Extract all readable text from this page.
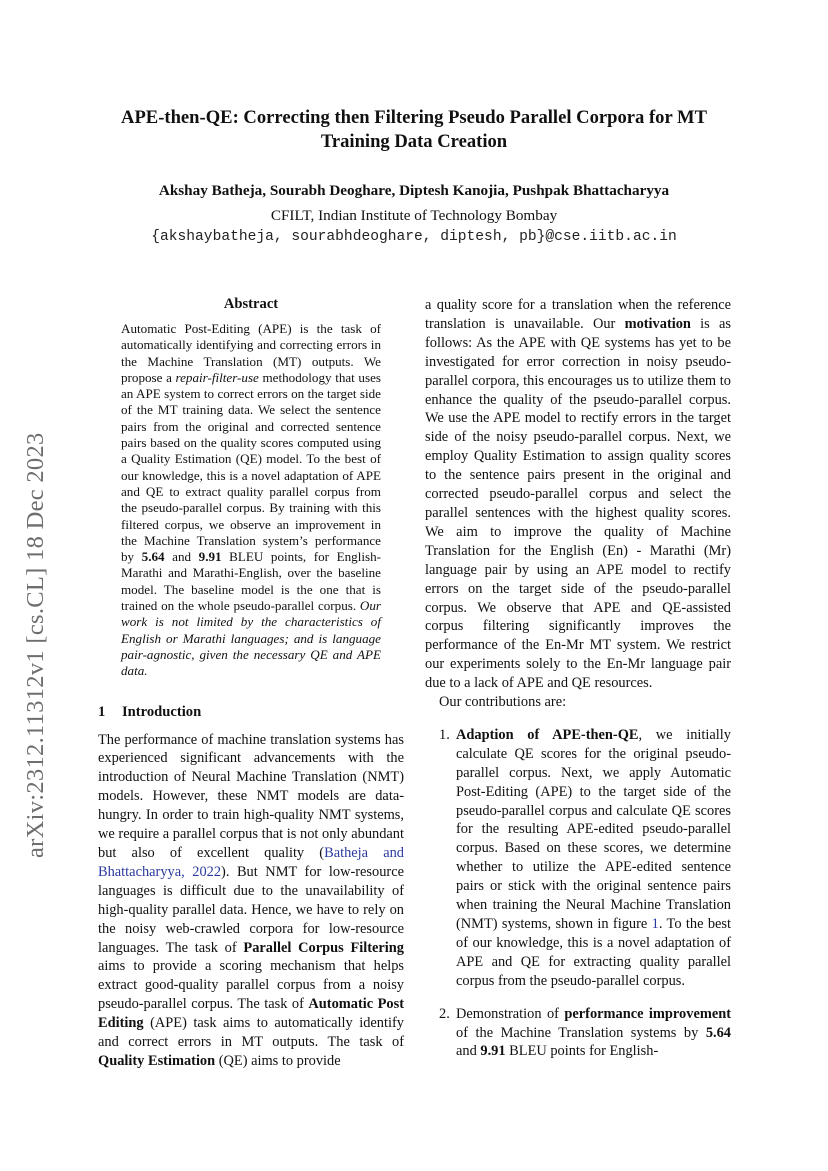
arXiv:2312.11312v1 [cs.CL] 18 Dec 2023
APE-then-QE: Correcting then Filtering Pseudo Parallel Corpora for MT
Training Data Creation
Akshay Batheja, Sourabh Deoghare, Diptesh Kanojia, Pushpak Bhattacharyya
CFILT, Indian Institute of Technology Bombay
{akshaybatheja, sourabhdeoghare, diptesh, pb}@cse.iitb.ac.in
Abstract
Automatic Post-Editing (APE) is the task of automatically identifying and correcting errors in the Machine Translation (MT) outputs. We propose a repair-filter-use methodology that uses an APE system to correct errors on the target side of the MT training data. We select the sentence pairs from the original and corrected sentence pairs based on the quality scores computed using a Quality Estimation (QE) model. To the best of our knowledge, this is a novel adaptation of APE and QE to extract quality parallel corpus from the pseudo-parallel corpus. By training with this filtered corpus, we observe an improvement in the Machine Translation system’s performance by 5.64 and 9.91 BLEU points, for English-Marathi and Marathi-English, over the baseline model. The baseline model is the one that is trained on the whole pseudo-parallel corpus. Our work is not limited by the characteristics of English or Marathi languages; and is language pair-agnostic, given the necessary QE and APE data.
1 Introduction

The performance of machine translation systems has experienced significant advancements with the introduction of Neural Machine Translation (NMT) models. However, these NMT models are data-hungry. In order to train high-quality NMT systems, we require a parallel corpus that is not only abundant but also of excellent quality (Batheja and Bhattacharyya, 2022). But NMT for low-resource languages is difficult due to the unavailability of high-quality parallel data. Hence, we have to rely on the noisy web-crawled corpora for low-resource languages. The task of Parallel Corpus Filtering aims to provide a scoring mechanism that helps extract good-quality parallel corpus from a noisy pseudo-parallel corpus. The task of Automatic Post Editing (APE) task aims to automatically identify and correct errors in MT outputs. The task of Quality Estimation (QE) aims to provide

a quality score for a translation when the reference translation is unavailable. Our motivation is as follows: As the APE with QE systems has yet to be investigated for error correction in noisy pseudo-parallel corpora, this encourages us to utilize them to enhance the quality of the pseudo-parallel corpus. We use the APE model to rectify errors in the target side of the noisy pseudo-parallel corpus. Next, we employ Quality Estimation to assign quality scores to the sentence pairs present in the original and corrected pseudo-parallel corpus and select the parallel sentences with the highest quality scores. We aim to improve the quality of Machine Translation for the English (En) - Marathi (Mr) language pair by using an APE model to rectify errors on the target side of the pseudo-parallel corpus. We observe that APE and QE-assisted corpus filtering significantly improves the performance of the En-Mr MT system. We restrict our experiments solely to the En-Mr language pair due to a lack of APE and QE resources.

Our contributions are:

1. Adaption of APE-then-QE, we initially calculate QE scores for the original pseudo-parallel corpus. Next, we apply Automatic Post-Editing (APE) to the target side of the pseudo-parallel corpus and calculate QE scores for the resulting APE-edited pseudo-parallel corpus. Based on these scores, we determine whether to utilize the APE-edited sentence pairs or stick with the original sentence pairs when training the Neural Machine Translation (NMT) systems, shown in figure 1. To the best of our knowledge, this is a novel adaptation of APE and QE for extracting quality parallel corpus from the pseudo-parallel corpus.
2. Demonstration of performance improvement of the Machine Translation systems by 5.64 and 9.91 BLEU points for English-
